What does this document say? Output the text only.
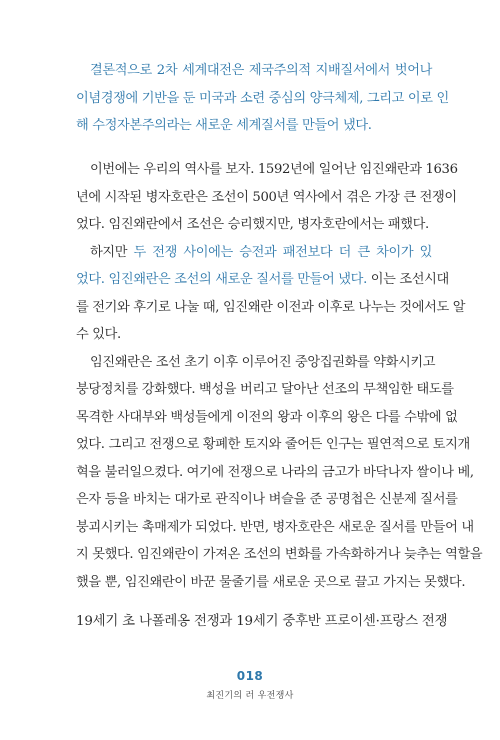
결론적으로 2차 세계대전은 제국주의적 지배질서에서 벗어나
이념경쟁에 기반을 둔 미국과 소련 중심의 양극체제, 그리고 이로 인
해 수정자본주의라는 새로운 세계질서를 만들어 냈다.
이번에는 우리의 역사를 보자. 1592년에 일어난 임진왜란과 1636
년에 시작된 병자호란은 조선이 500년 역사에서 겪은 가장 큰 전쟁이
었다. 임진왜란에서 조선은 승리했지만, 병자호란에서는 패했다.
하지만 두 전쟁 사이에는 승전과 패전보다 더 큰 차이가 있
었다. 임진왜란은 조선의 새로운 질서를 만들어 냈다. 이는 조선시대
를 전기와 후기로 나눌 때, 임진왜란 이전과 이후로 나누는 것에서도 알
수 있다.
임진왜란은 조선 초기 이후 이루어진 중앙집권화를 약화시키고
붕당정치를 강화했다. 백성을 버리고 달아난 선조의 무책임한 태도를
목격한 사대부와 백성들에게 이전의 왕과 이후의 왕은 다를 수밖에 없
었다. 그리고 전쟁으로 황폐한 토지와 줄어든 인구는 필연적으로 토지개
혁을 불러일으켰다. 여기에 전쟁으로 나라의 금고가 바닥나자 쌀이나 베,
은자 등을 바치는 대가로 관직이나 벼슬을 준 공명첩은 신분제 질서를
붕괴시키는 촉매제가 되었다. 반면, 병자호란은 새로운 질서를 만들어 내
지 못했다. 임진왜란이 가져온 조선의 변화를 가속화하거나 늦추는 역할을
했을 뿐, 임진왜란이 바꾼 물줄기를 새로운 곳으로 끌고 가지는 못했다.
19세기 초 나폴레옹 전쟁과 19세기 중후반 프로이센·프랑스 전쟁
018
최진기의 러 우전쟁사
